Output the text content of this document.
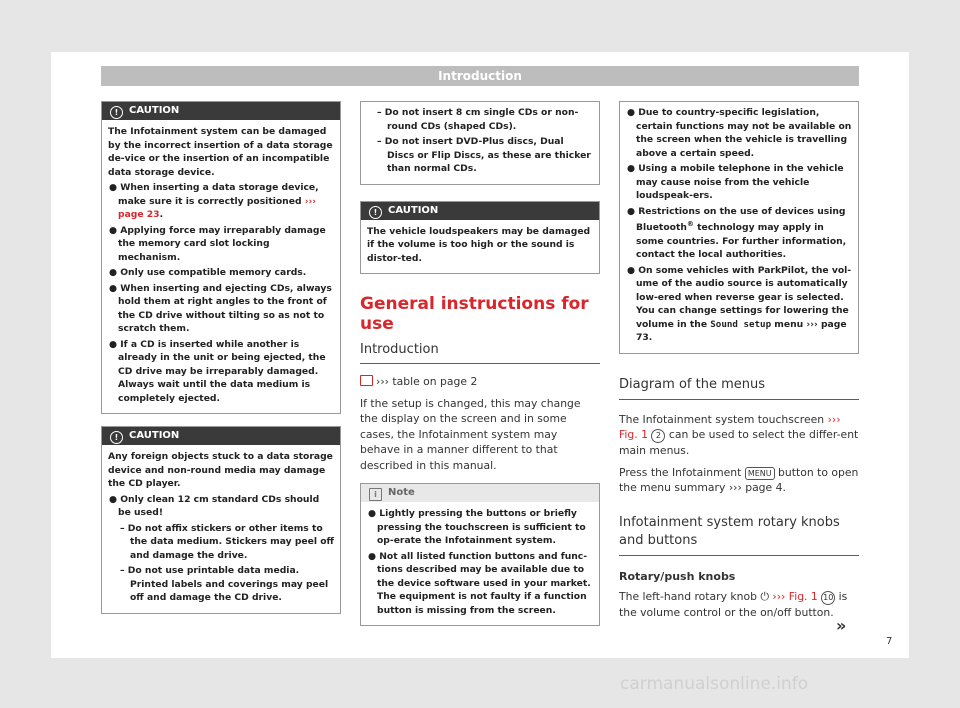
Introduction
! CAUTION

The Infotainment system can be damaged by the incorrect insertion of a data storage de-vice or the insertion of an incompatible data storage device.

● When inserting a data storage device, make sure it is correctly positioned ››› page 23.

● Applying force may irreparably damage the memory card slot locking mechanism.

● Only use compatible memory cards.

● When inserting and ejecting CDs, always hold them at right angles to the front of the CD drive without tilting so as not to scratch them.

● If a CD is inserted while another is already in the unit or being ejected, the CD drive may be irreparably damaged. Always wait until the data medium is completely ejected.

! CAUTION

Any foreign objects stuck to a data storage device and non-round media may damage the CD player.

● Only clean 12 cm standard CDs should be used!

– Do not affix stickers or other items to the data medium. Stickers may peel off and damage the drive.

– Do not use printable data media. Printed labels and coverings may peel off and damage the CD drive.

– Do not insert 8 cm single CDs or non-round CDs (shaped CDs).

– Do not insert DVD-Plus discs, Dual Discs or Flip Discs, as these are thicker than normal CDs.

! CAUTION

The vehicle loudspeakers may be damaged if the volume is too high or the sound is distor-ted.

General instructions for use
Introduction

››› table on page 2

If the setup is changed, this may change the display on the screen and in some cases, the Infotainment system may behave in a manner different to that described in this manual.

i Note

● Lightly pressing the buttons or briefly pressing the touchscreen is sufficient to op-erate the Infotainment system.

● Not all listed function buttons and func-tions described may be available due to the device software used in your market. The equipment is not faulty if a function button is missing from the screen.

● Due to country-specific legislation, certain functions may not be available on the screen when the vehicle is travelling above a certain speed.

● Using a mobile telephone in the vehicle may cause noise from the vehicle loudspeak-ers.

● Restrictions on the use of devices using Bluetooth® technology may apply in some countries. For further information, contact the local authorities.

● On some vehicles with ParkPilot, the vol-ume of the audio source is automatically low-ered when reverse gear is selected. You can change settings for lowering the volume in the Sound setup menu ››› page 73.

Diagram of the menus

The Infotainment system touchscreen ››› Fig. 1 2 can be used to select the differ-ent main menus.

Press the Infotainment MENU button to open the menu summary ››› page 4.

Infotainment system rotary knobs and buttons
Rotary/push knobs

The left-hand rotary knob ⏻ ››› Fig. 1 10 is the volume control or the on/off button.

»
7
carmanualsonline.info
